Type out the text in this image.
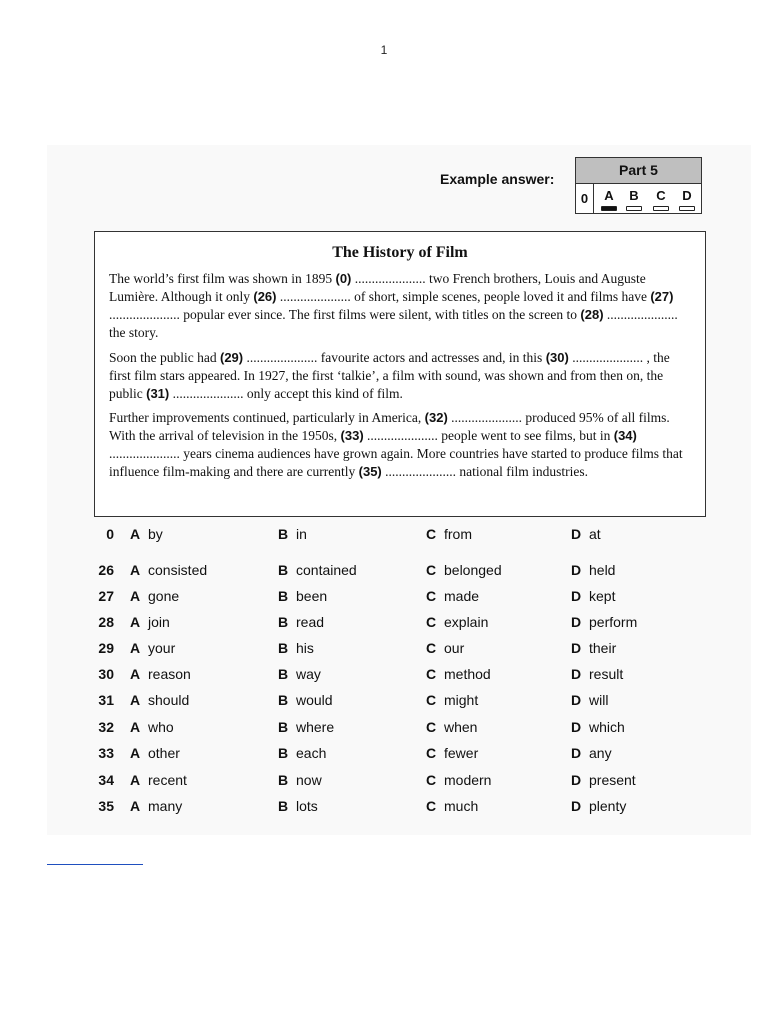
1
Example answer:
Part 5
0	A	B	C	D
The History of Film

The world’s first film was shown in 1895 (0) ..................... two French brothers, Louis and Auguste Lumière. Although it only (26) ..................... of short, simple scenes, people loved it and films have (27) ..................... popular ever since. The first films were silent, with titles on the screen to (28) ..................... the story.

Soon the public had (29) ..................... favourite actors and actresses and, in this (30) ..................... , the first film stars appeared. In 1927, the first ‘talkie’, a film with sound, was shown and from then on, the public (31) ..................... only accept this kind of film.

Further improvements continued, particularly in America, (32) ..................... produced 95% of all films. With the arrival of television in the 1950s, (33) ..................... people went to see films, but in (34) ..................... years cinema audiences have grown again. More countries have started to produce films that influence film-making and there are currently (35) ..................... national film industries.

0 A by	B in	C from	D at
26 A consisted	B contained	C belonged	D held
27 A gone	B been	C made	D kept
28 A join	B read	C explain	D perform
29 A your	B his	C our	D their
30 A reason	B way	C method	D result
31 A should	B would	C might	D will
32 A who	B where	C when	D which
33 A other	B each	C fewer	D any
34 A recent	B now	C modern	D present
35 A many	B lots	C much	D plenty
